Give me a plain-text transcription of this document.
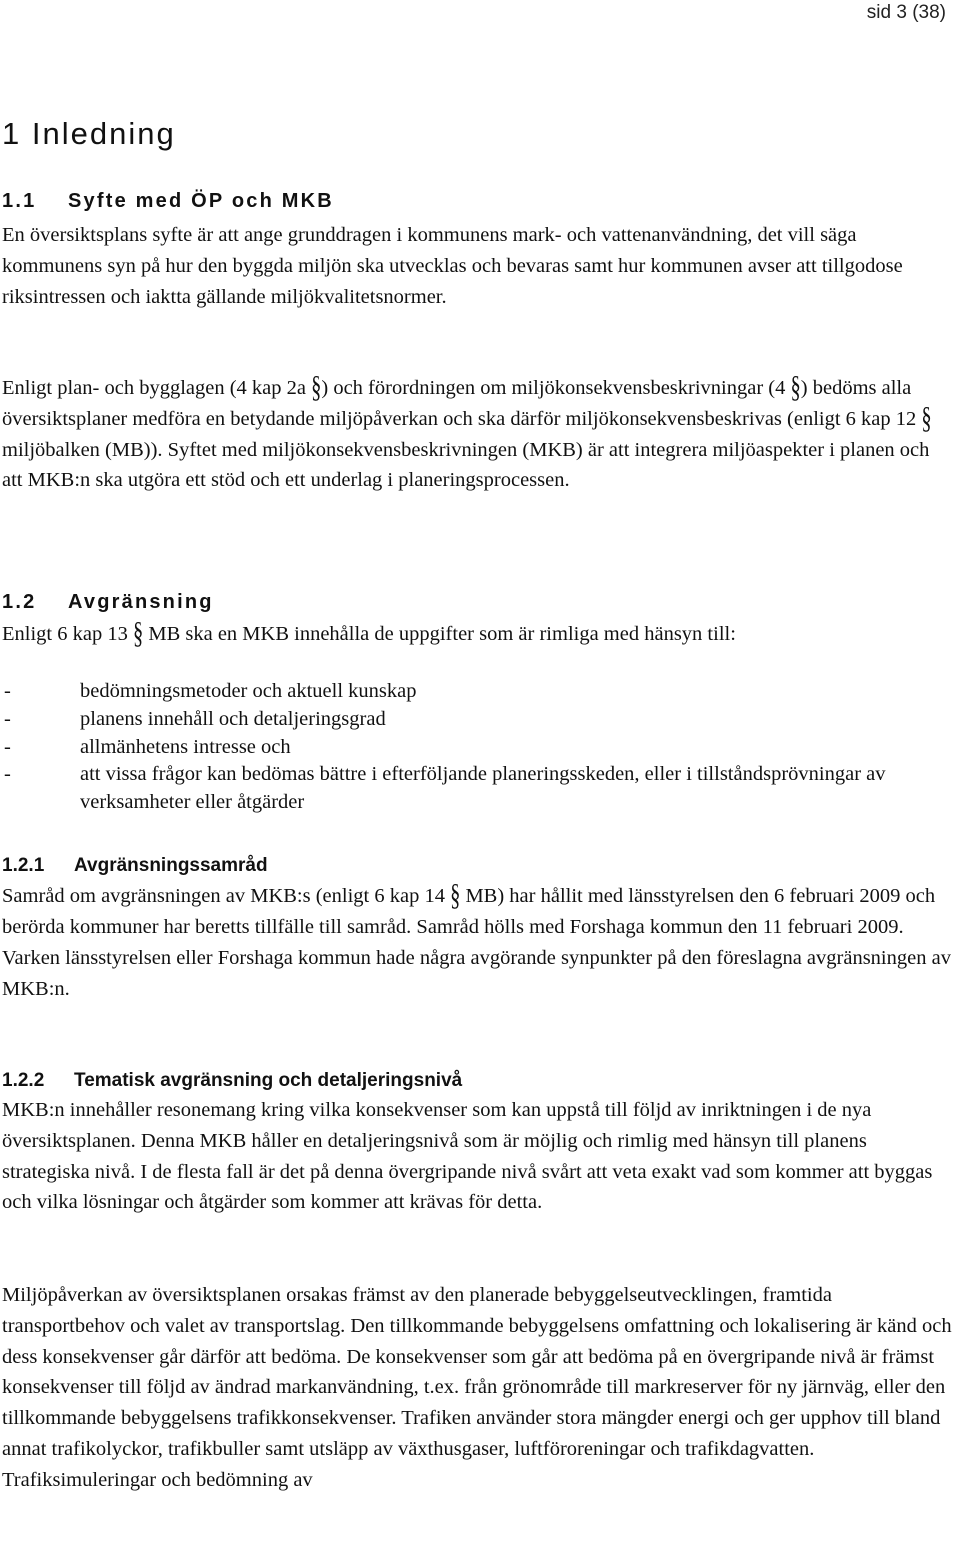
sid 3 (38)
1 Inledning
1.1 Syfte med ÖP och MKB

En översiktsplans syfte är att ange grunddragen i kommunens mark- och vattenanvändning, det vill säga kommunens syn på hur den byggda miljön ska utvecklas och bevaras samt hur kommunen avser att tillgodose riksintressen och iaktta gällande miljökvalitetsnormer.

Enligt plan- och bygglagen (4 kap 2a §) och förordningen om miljökonsekvensbeskrivningar (4 §) bedöms alla översiktsplaner medföra en betydande miljöpåverkan och ska därför miljökonsekvensbeskrivas (enligt 6 kap 12 § miljöbalken (MB)). Syftet med miljökonsekvensbeskrivningen (MKB) är att integrera miljöaspekter i planen och att MKB:n ska utgöra ett stöd och ett underlag i planeringsprocessen.

1.2 Avgränsning

Enligt 6 kap 13 § MB ska en MKB innehålla de uppgifter som är rimliga med hänsyn till:

-	bedömningsmetoder och aktuell kunskap
-	planens innehåll och detaljeringsgrad
-	allmänhetens intresse och
-	att vissa frågor kan bedömas bättre i efterföljande planeringsskeden, eller i tillståndsprövningar av verksamheter eller åtgärder
1.2.1 Avgränsningssamråd

Samråd om avgränsningen av MKB:s (enligt 6 kap 14 § MB) har hållit med länsstyrelsen den 6 februari 2009 och berörda kommuner har beretts tillfälle till samråd. Samråd hölls med Forshaga kommun den 11 februari 2009. Varken länsstyrelsen eller Forshaga kommun hade några avgörande synpunkter på den föreslagna avgränsningen av MKB:n.

1.2.2 Tematisk avgränsning och detaljeringsnivå

MKB:n innehåller resonemang kring vilka konsekvenser som kan uppstå till följd av inriktningen i de nya översiktsplanen. Denna MKB håller en detaljeringsnivå som är möjlig och rimlig med hänsyn till planens strategiska nivå. I de flesta fall är det på denna övergripande nivå svårt att veta exakt vad som kommer att byggas och vilka lösningar och åtgärder som kommer att krävas för detta.

Miljöpåverkan av översiktsplanen orsakas främst av den planerade bebyggelseutvecklingen, framtida transportbehov och valet av transportslag. Den tillkommande bebyggelsens omfattning och lokalisering är känd och dess konsekvenser går därför att bedöma. De konsekvenser som går att bedöma på en övergripande nivå är främst konsekvenser till följd av ändrad markanvändning, t.ex. från grönområde till markreserver för ny järnväg, eller den tillkommande bebyggelsens trafikkonsekvenser. Trafiken använder stora mängder energi och ger upphov till bland annat trafikolyckor, trafikbuller samt utsläpp av växthusgaser, luftföroreningar och trafikdagvatten. Trafiksimuleringar och bedömning av
